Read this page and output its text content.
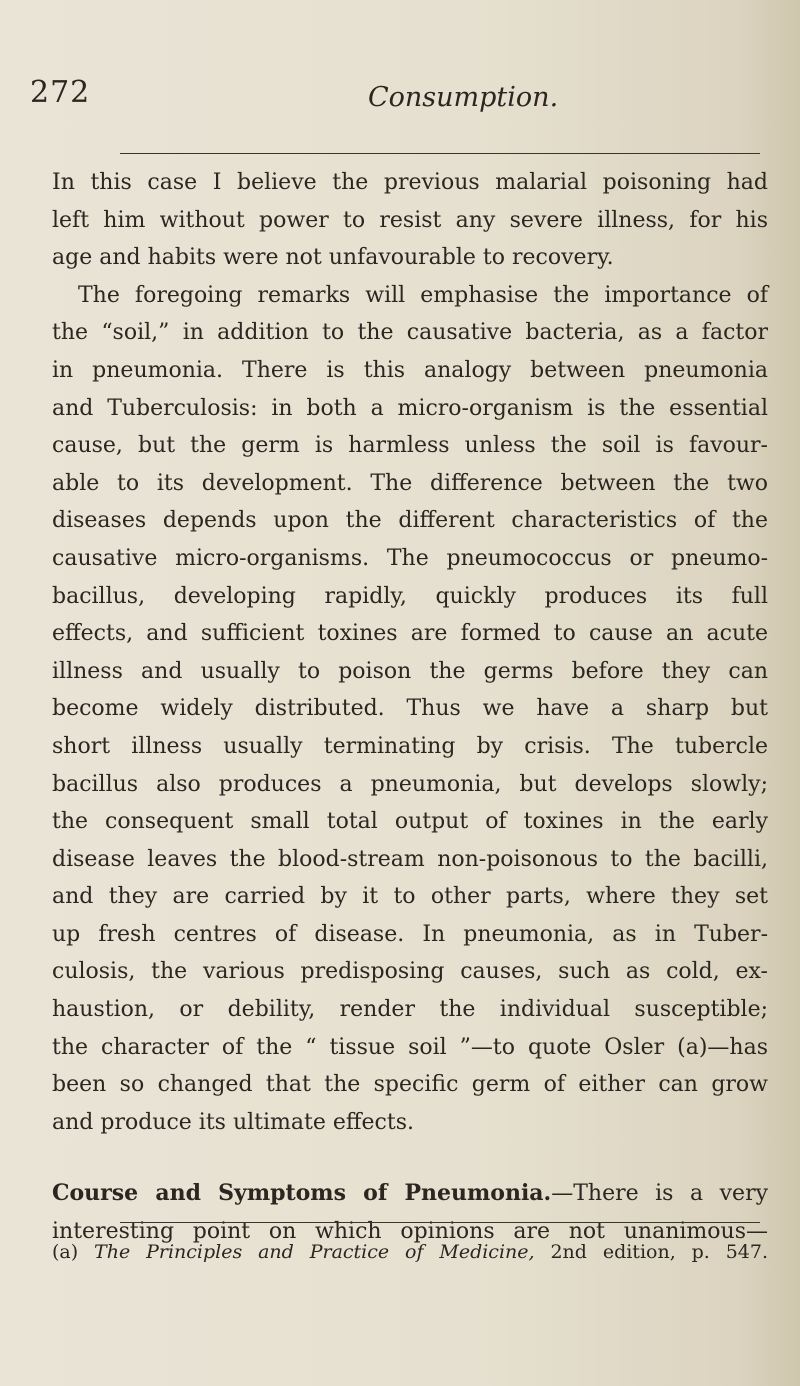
272	Consumption.
In this case I believe the previous malarial poisoning had
left him without power to resist any severe illness, for his
age and habits were not unfavourable to recovery.
The foregoing remarks will emphasise the importance of
the “soil,” in addition to the causative bacteria, as a factor
in pneumonia. There is this analogy between pneumonia
and Tuberculosis: in both a micro-organism is the essential
cause, but the germ is harmless unless the soil is favour-
able to its development. The difference between the two
diseases depends upon the different characteristics of the
causative micro-organisms. The pneumococcus or pneumo-
bacillus, developing rapidly, quickly produces its full
effects, and sufficient toxines are formed to cause an acute
illness and usually to poison the germs before they can
become widely distributed. Thus we have a sharp but
short illness usually terminating by crisis. The tubercle
bacillus also produces a pneumonia, but develops slowly;
the consequent small total output of toxines in the early
disease leaves the blood-stream non-poisonous to the bacilli,
and they are carried by it to other parts, where they set
up fresh centres of disease. In pneumonia, as in Tuber-
culosis, the various predisposing causes, such as cold, ex-
haustion, or debility, render the individual susceptible;
the character of the “ tissue soil ”—to quote Osler (a)—has
been so changed that the specific germ of either can grow
and produce its ultimate effects.
Course and Symptoms of Pneumonia.—There is a very
interesting point on which opinions are not unanimous—
(a) The Principles and Practice of Medicine, 2nd edition, p. 547.
